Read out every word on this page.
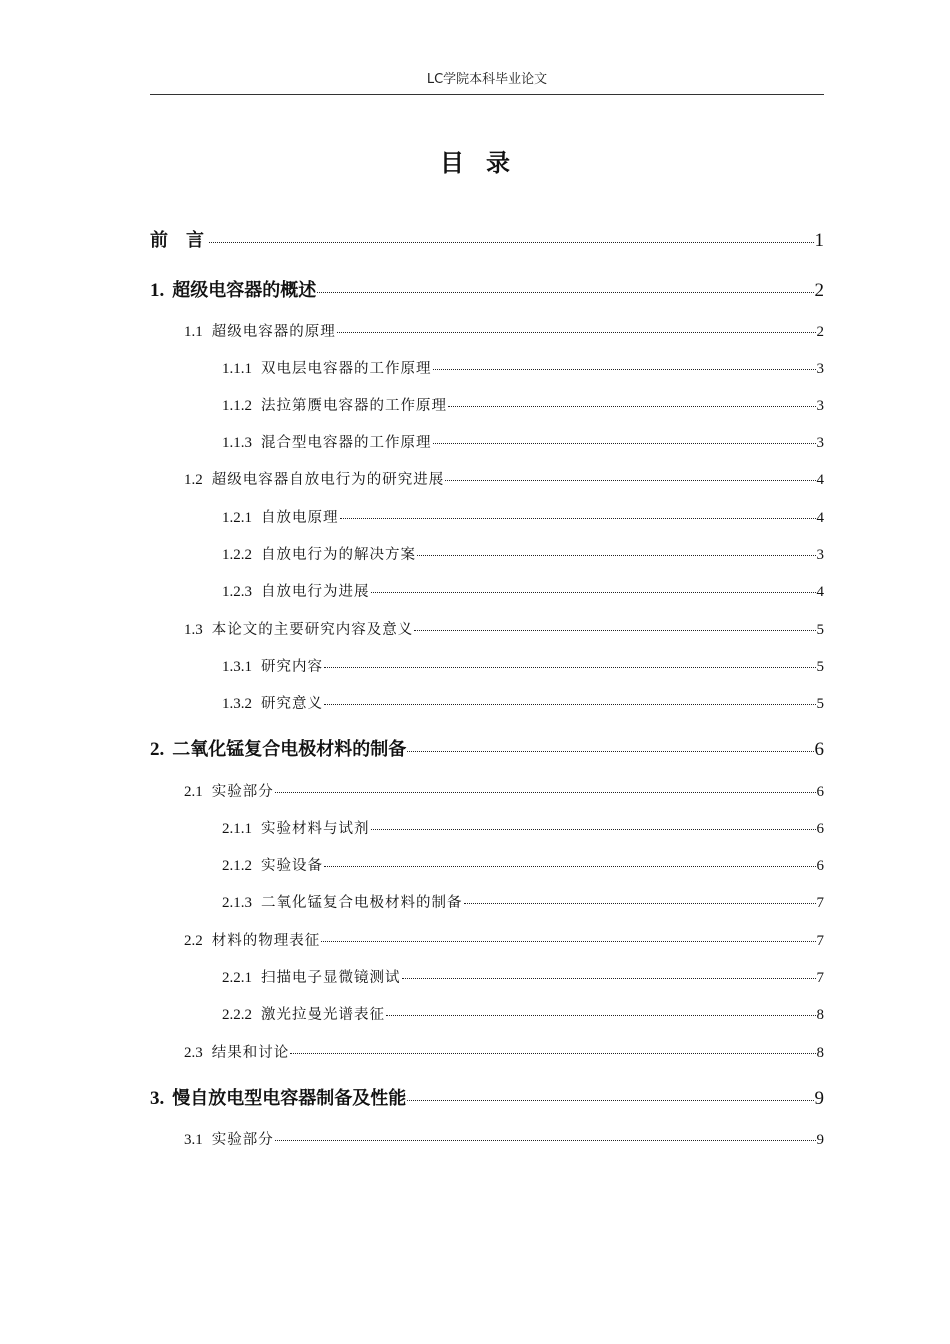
LC学院本科毕业论文
目录
前言	1
1. 超级电容器的概述	2
1.1 超级电容器的原理	2
1.1.1 双电层电容器的工作原理	3
1.1.2 法拉第赝电容器的工作原理	3
1.1.3 混合型电容器的工作原理	3
1.2 超级电容器自放电行为的研究进展	4
1.2.1 自放电原理	4
1.2.2 自放电行为的解决方案	3
1.2.3 自放电行为进展	4
1.3 本论文的主要研究内容及意义	5
1.3.1 研究内容	5
1.3.2 研究意义	5
2. 二氧化锰复合电极材料的制备	6
2.1 实验部分	6
2.1.1 实验材料与试剂	6
2.1.2 实验设备	6
2.1.3 二氧化锰复合电极材料的制备	7
2.2 材料的物理表征	7
2.2.1 扫描电子显微镜测试	7
2.2.2 激光拉曼光谱表征	8
2.3 结果和讨论	8
3. 慢自放电型电容器制备及性能	9
3.1 实验部分	9
